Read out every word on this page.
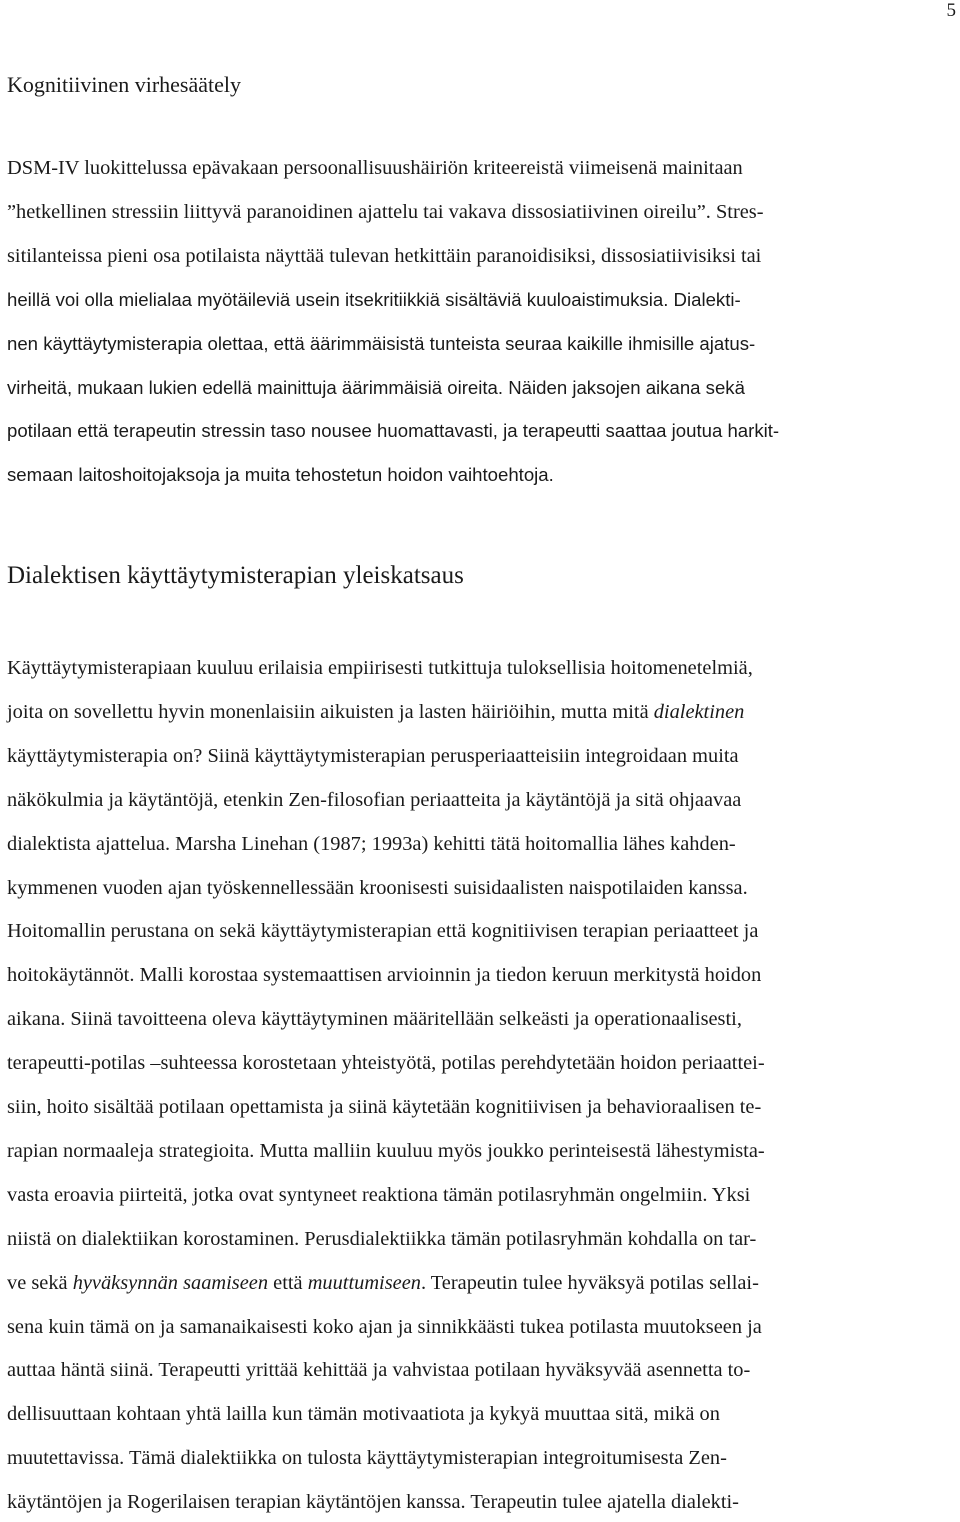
5
Kognitiivinen virhesäätely
DSM-IV luokittelussa epävakaan persoonallisuushäiriön kriteereistä viimeisenä mainitaan
”hetkellinen stressiin liittyvä paranoidinen ajattelu tai vakava dissosiatiivinen oireilu”. Stres-
sitilanteissa pieni osa potilaista näyttää tulevan hetkittäin paranoidisiksi, dissosiatiivisiksi tai
heillä voi olla mielialaa myötäileviä usein itsekritiikkiä sisältäviä kuuloaistimuksia. Dialekti-
nen käyttäytymisterapia olettaa, että äärimmäisistä tunteista seuraa kaikille ihmisille ajatus-
virheitä, mukaan lukien edellä mainittuja äärimmäisiä oireita. Näiden jaksojen aikana sekä
potilaan että terapeutin stressin taso nousee huomattavasti, ja terapeutti saattaa joutua harkit-
semaan laitoshoitojaksoja ja muita tehostetun hoidon vaihtoehtoja.
Dialektisen käyttäytymisterapian yleiskatsaus
Käyttäytymisterapiaan kuuluu erilaisia empiirisesti tutkittuja tuloksellisia hoitomenetelmiä,
joita on sovellettu hyvin monenlaisiin aikuisten ja lasten häiriöihin, mutta mitä dialektinen
käyttäytymisterapia on? Siinä käyttäytymisterapian perusperiaatteisiin integroidaan muita
näkökulmia ja käytäntöjä, etenkin Zen-filosofian periaatteita ja käytäntöjä ja sitä ohjaavaa
dialektista ajattelua. Marsha Linehan (1987; 1993a) kehitti tätä hoitomallia lähes kahden-
kymmenen vuoden ajan työskennellessään kroonisesti suisidaalisten naispotilaiden kanssa.
Hoitomallin perustana on sekä käyttäytymisterapian että kognitiivisen terapian periaatteet ja
hoitokäytännöt. Malli korostaa systemaattisen arvioinnin ja tiedon keruun merkitystä hoidon
aikana. Siinä tavoitteena oleva käyttäytyminen määritellään selkeästi ja operationaalisesti,
terapeutti-potilas –suhteessa korostetaan yhteistyötä, potilas perehdytetään hoidon periaattei-
siin, hoito sisältää potilaan opettamista ja siinä käytetään kognitiivisen ja behavioraalisen te-
rapian normaaleja strategioita. Mutta malliin kuuluu myös joukko perinteisestä lähestymista-
vasta eroavia piirteitä, jotka ovat syntyneet reaktiona tämän potilasryhmän ongelmiin. Yksi
niistä on dialektiikan korostaminen. Perusdialektiikka tämän potilasryhmän kohdalla on tar-
ve sekä hyväksynnän saamiseen että muuttumiseen. Terapeutin tulee hyväksyä potilas sellai-
sena kuin tämä on ja samanaikaisesti koko ajan ja sinnikkäästi tukea potilasta muutokseen ja
auttaa häntä siinä. Terapeutti yrittää kehittää ja vahvistaa potilaan hyväksyvää asennetta to-
dellisuuttaan kohtaan yhtä lailla kun tämän motivaatiota ja kykyä muuttaa sitä, mikä on
muutettavissa. Tämä dialektiikka on tulosta käyttäytymisterapian integroitumisesta Zen-
käytäntöjen ja Rogerilaisen terapian käytäntöjen kanssa. Terapeutin tulee ajatella dialekti-
